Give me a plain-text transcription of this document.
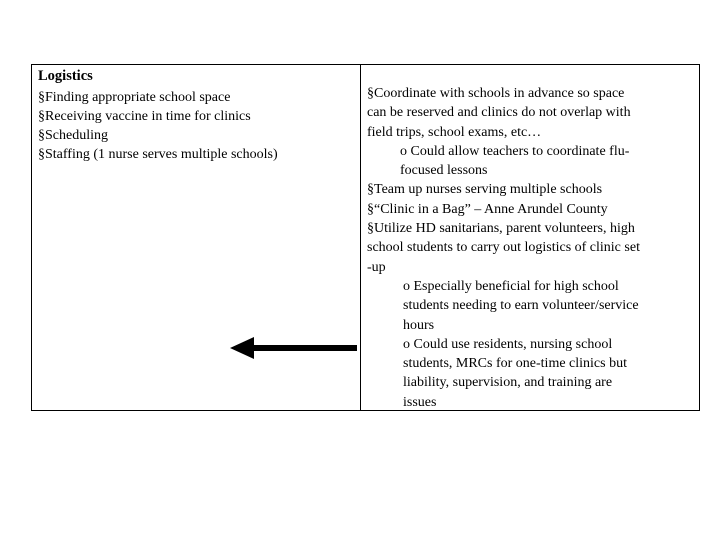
Logistics
§Finding appropriate school space
§Receiving vaccine in time for clinics
§Scheduling
§Staffing (1 nurse serves multiple schools)
§Coordinate with schools in advance so space
can be reserved and clinics do not overlap with
field trips, school exams, etc…
o Could allow teachers to coordinate flu-
focused lessons
§Team up nurses serving multiple schools
§“Clinic in a Bag” – Anne Arundel County
§Utilize HD sanitarians, parent volunteers, high
school students to carry out logistics of clinic set
-up
o Especially beneficial for high school
students needing to earn volunteer/service
hours
o Could use residents, nursing school
students, MRCs for one-time clinics but
liability, supervision, and training are
issues
